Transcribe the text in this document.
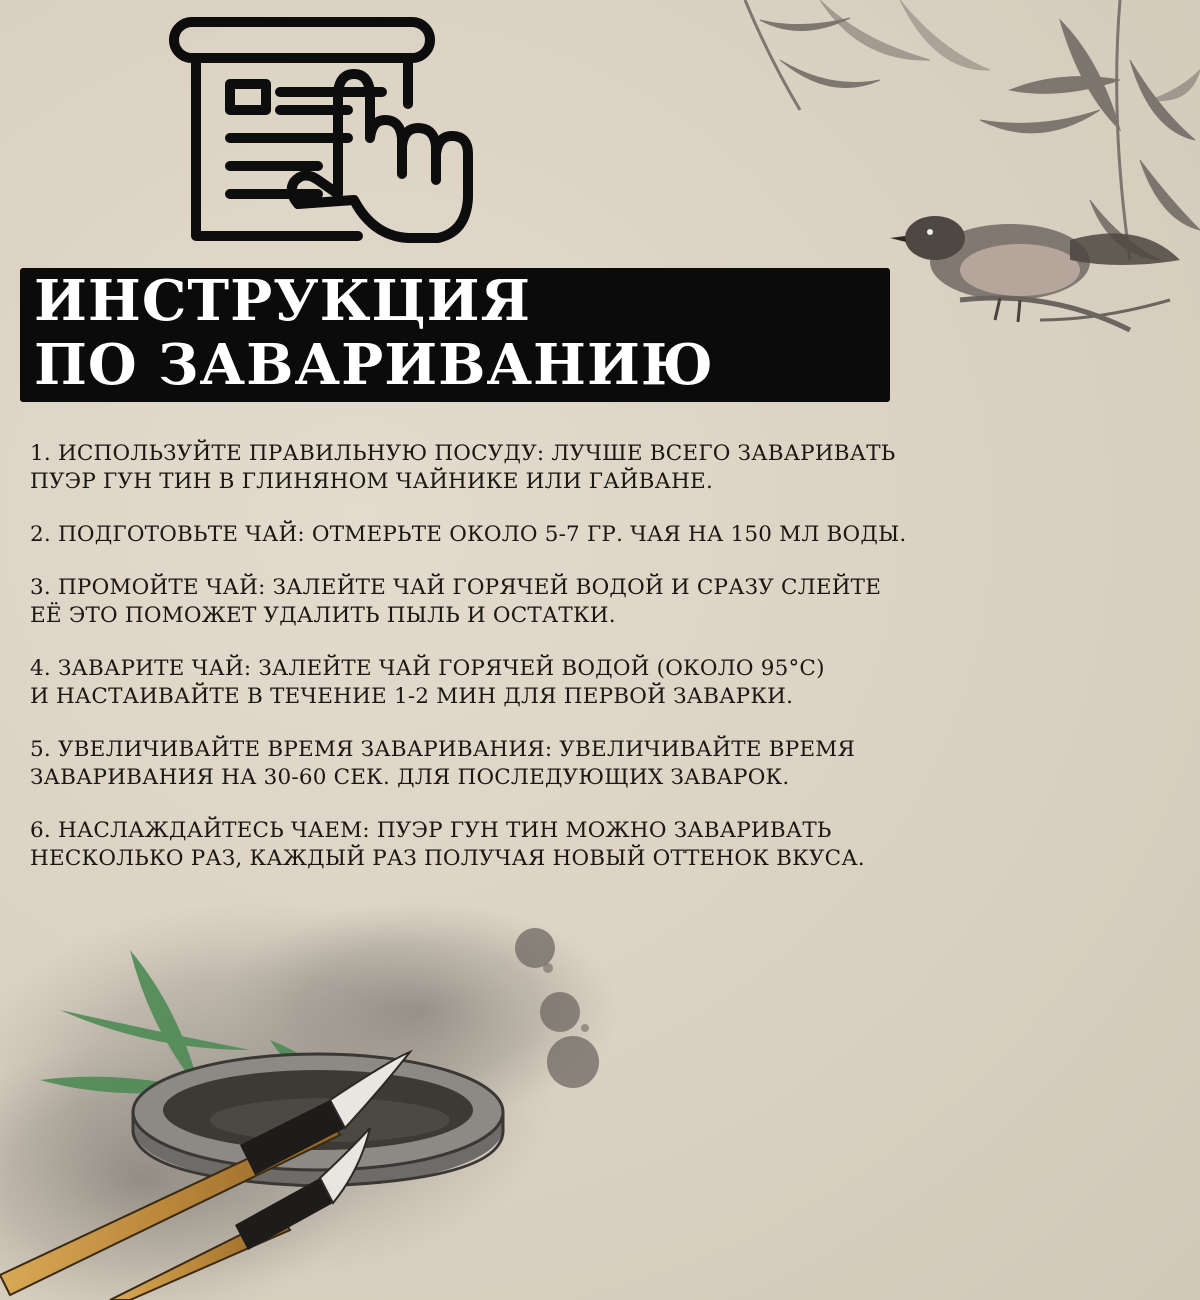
ИНСТРУКЦИЯ
ПО ЗАВАРИВАНИЮ
1. ИСПОЛЬЗУЙТЕ ПРАВИЛЬНУЮ ПОСУДУ: ЛУЧШЕ ВСЕГО ЗАВАРИВАТЬ
ПУЭР ГУН ТИН В ГЛИНЯНОМ ЧАЙНИКЕ ИЛИ ГАЙВАНЕ.
2. ПОДГОТОВЬТЕ ЧАЙ: ОТМЕРЬТЕ ОКОЛО 5-7 ГР. ЧАЯ НА 150 МЛ ВОДЫ.
3. ПРОМОЙТЕ ЧАЙ: ЗАЛЕЙТЕ ЧАЙ ГОРЯЧЕЙ ВОДОЙ И СРАЗУ СЛЕЙТЕ
ЕЁ ЭТО ПОМОЖЕТ УДАЛИТЬ ПЫЛЬ И ОСТАТКИ.
4. ЗАВАРИТЕ ЧАЙ: ЗАЛЕЙТЕ ЧАЙ ГОРЯЧЕЙ ВОДОЙ (ОКОЛО 95°С)
И НАСТАИВАЙТЕ В ТЕЧЕНИЕ 1-2 МИН ДЛЯ ПЕРВОЙ ЗАВАРКИ.
5. УВЕЛИЧИВАЙТЕ ВРЕМЯ ЗАВАРИВАНИЯ: УВЕЛИЧИВАЙТЕ ВРЕМЯ
ЗАВАРИВАНИЯ НА 30-60 СЕК. ДЛЯ ПОСЛЕДУЮЩИХ ЗАВАРОК.
6. НАСЛАЖДАЙТЕСЬ ЧАЕМ: ПУЭР ГУН ТИН МОЖНО ЗАВАРИВАТЬ
НЕСКОЛЬКО РАЗ, КАЖДЫЙ РАЗ ПОЛУЧАЯ НОВЫЙ ОТТЕНОК ВКУСА.
